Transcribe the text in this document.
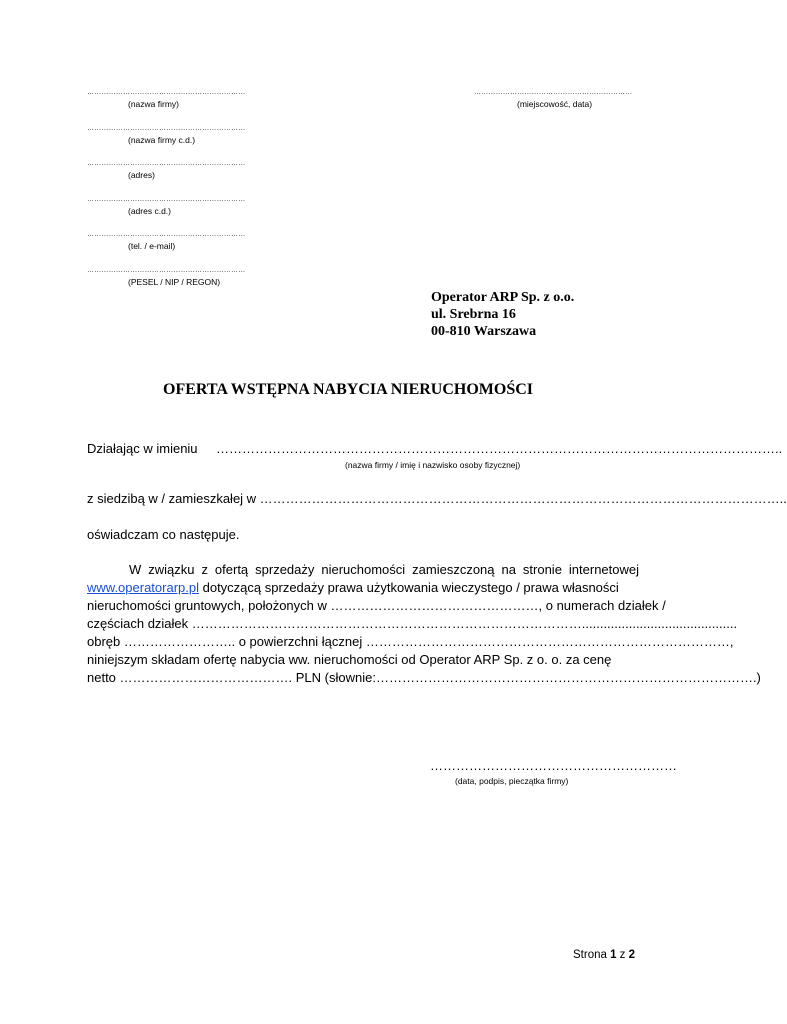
…………………………………………………………
(nazwa firmy)
…………………………………………………………
(nazwa firmy c.d.)
…………………………………………………………
(adres)
…………………………………………………………
(adres c.d.)
…………………………………………………………
(tel. / e-mail)
…………………………………………………………
(PESEL / NIP / REGON)
…………………………………………………………
(miejscowość, data)
Operator ARP Sp. z o.o.
ul. Srebrna 16
00-810 Warszawa
OFERTA WSTĘPNA NABYCIA NIERUCHOMOŚCI
Działając w imieniu …………………………………………………………………………………………………………………..
(nazwa firmy / imię i nazwisko osoby fizycznej)
z siedzibą w / zamieszkałej w …………………………………………………………………………………………………………..
oświadczam co następuje.
W związku z ofertą sprzedaży nieruchomości zamieszczoną na stronie internetowej
www.operatorarp.pl dotyczącą sprzedaży prawa użytkowania wieczystego / prawa własności
nieruchomości gruntowych, położonych w …………………………………………, o numerach działek /
częściach działek ………………………………………………………………………………...........................................
obręb …………………….. o powierzchni łącznej …………………………………………………………………………,
niniejszym składam ofertę nabycia ww. nieruchomości od Operator ARP Sp. z o. o. za cenę
netto …………………………………. PLN (słownie:…………………………………………………………………………….)
…………………………………………………
(data, podpis, pieczątka firmy)
Strona 1 z 2
